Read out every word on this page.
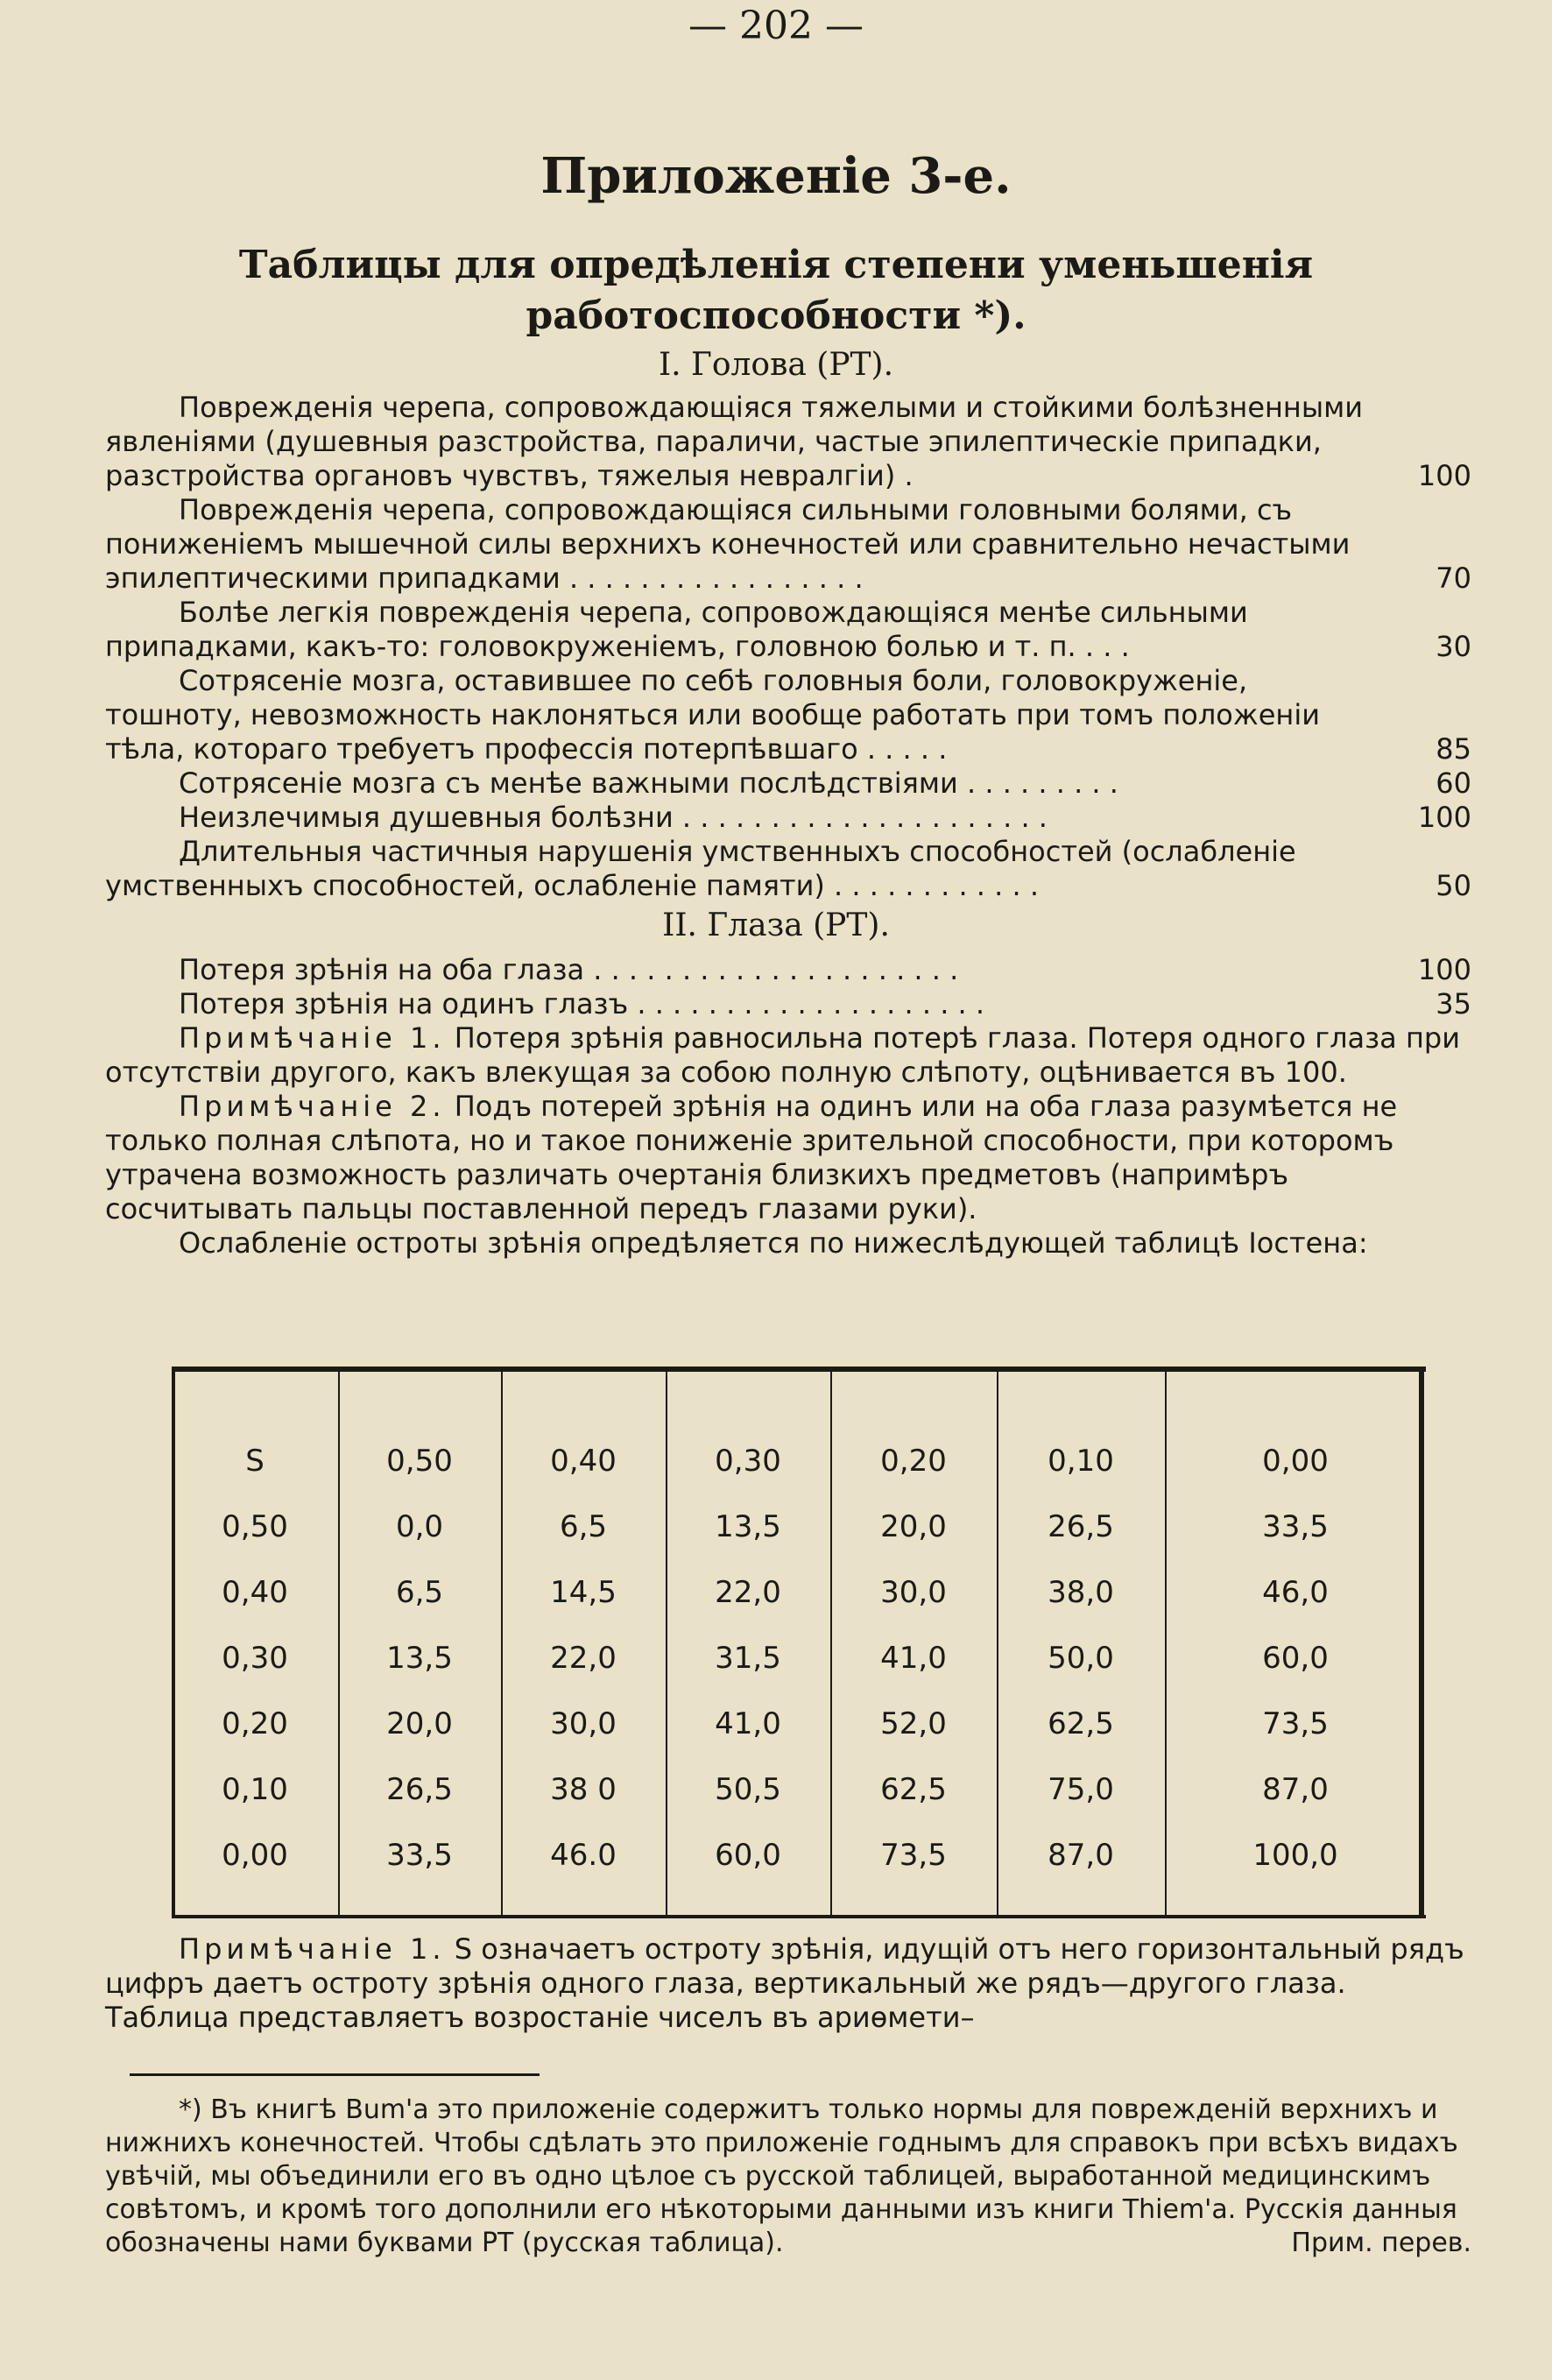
— 202 —
Приложенiе 3-е.
Таблицы для опредѣленія степени уменьшенія работоспособности *).
I. Голова (РТ).
Поврежденія черепа, сопровождающіяся тяжелыми и стойкими болѣзненными явленіями (душевныя разстройства, параличи, частые эпилептическіе припадки, разстройства органовъ чувствъ, тяжелыя невралгіи) .	100
Поврежденія черепа, сопровождающіяся сильными головными болями, съ пониженіемъ мышечной силы верхнихъ конечностей или сравнительно нечастыми эпилептическими припадками . . . . . . . . . . . . . . . . .	70
Болѣе легкія поврежденія черепа, сопровождающіяся менѣе сильными припадками, какъ-то: головокруженіемъ, головною болью и т. п. . . .	30
Сотрясеніе мозга, оставившее по себѣ головныя боли, головокруженіе, тошноту, невозможность наклоняться или вообще работать при томъ положеніи тѣла, котораго требуетъ профессія потерпѣвшаго . . . . .	85
Сотрясеніе мозга съ менѣе важными послѣдствіями . . . . . . . . .	60
Неизлечимыя душевныя болѣзни . . . . . . . . . . . . . . . . . . . . .	100
Длительныя частичныя нарушенія умственныхъ способностей (ослабленіе умственныхъ способностей, ослабленіе памяти) . . . . . . . . . . . .	50
II. Глаза (РТ).
Потеря зрѣнія на оба глаза . . . . . . . . . . . . . . . . . . . . .	100
Потеря зрѣнія на одинъ глазъ . . . . . . . . . . . . . . . . . . . .	35
Примѣчаніе 1. Потеря зрѣнія равносильна потерѣ глаза. Потеря одного глаза при отсутствіи другого, какъ влекущая за собою полную слѣпоту, оцѣнивается въ 100.
Примѣчаніе 2. Подъ потерей зрѣнія на одинъ или на оба глаза разумѣется не только полная слѣпота, но и такое пониженіе зрительной способности, при которомъ утрачена возможность различать очертанія близкихъ предметовъ (напримѣръ сосчитывать пальцы поставленной передъ глазами руки).
Ослабленіе остроты зрѣнія опредѣляется по нижеслѣдующей таблицѣ Іостена:
S	0,50	0,40	0,30	0,20	0,10	0,00
0,50	0,0	6,5	13,5	20,0	26,5	33,5
0,40	6,5	14,5	22,0	30,0	38,0	46,0
0,30	13,5	22,0	31,5	41,0	50,0	60,0
0,20	20,0	30,0	41,0	52,0	62,5	73,5
0,10	26,5	38 0	50,5	62,5	75,0	87,0
0,00	33,5	46.0	60,0	73,5	87,0	100,0
Примѣчаніе 1. S означаетъ остроту зрѣнія, идущій отъ него горизонтальный рядъ цифръ даетъ остроту зрѣнія одного глаза, вертикальный же рядъ—другого глаза. Таблица представляетъ возростаніе чиселъ въ ариѳмети–
*) Въ книгѣ Bum'а это приложеніе содержитъ только нормы для поврежденій верхнихъ и нижнихъ конечностей. Чтобы сдѣлать это приложеніе годнымъ для справокъ при всѣхъ видахъ увѣчій, мы объединили его въ одно цѣлое съ русской таблицей, выработанной медицинскимъ совѣтомъ, и кромѣ того дополнили его нѣкоторыми данными изъ книги Thiem'а. Русскія данныя обозначены нами буквами РТ (русская таблица).	Прим. перев.
